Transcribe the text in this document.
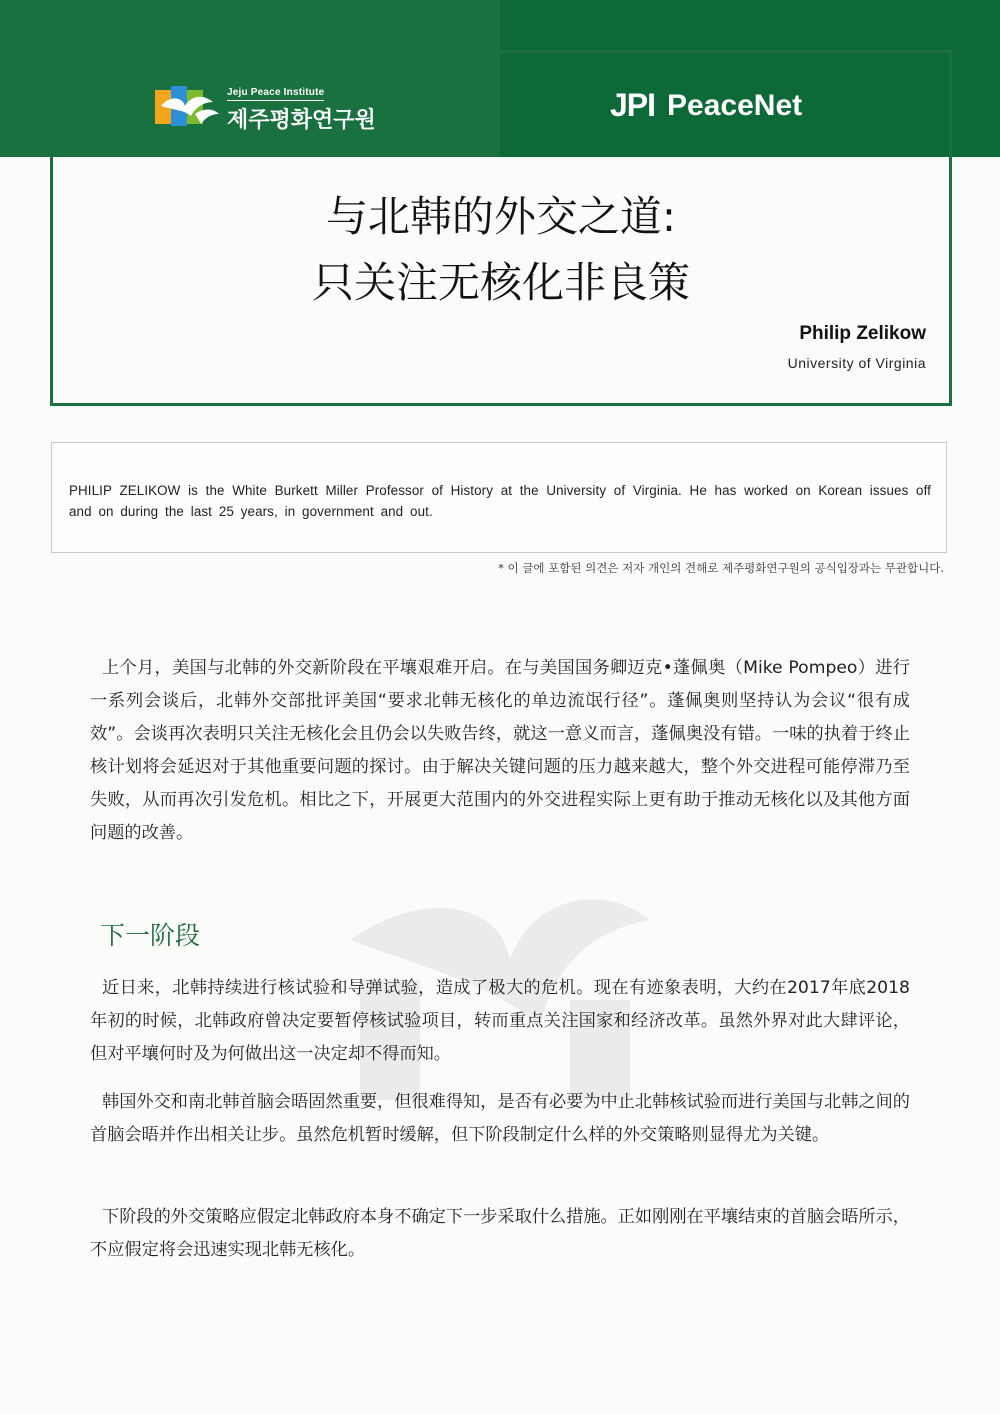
Jeju Peace Institute
제주평화연구원	JPI PeaceNet
与北韩的外交之道:
只关注无核化非良策
Philip Zelikow
University of Virginia
PHILIP ZELIKOW is the White Burkett Miller Professor of History at the University of Virginia. He has worked on Korean issues off and on during the last 25 years, in government and out.
* 이 글에 포함된 의견은 저자 개인의 견해로 제주평화연구원의 공식입장과는 무관합니다.

上个月，美国与北韩的外交新阶段在平壤艰难开启。在与美国国务卿迈克•蓬佩奥（Mike Pompeo）进行一系列会谈后，北韩外交部批评美国“要求北韩无核化的单边流氓行径”。蓬佩奥则坚持认为会议“很有成效”。会谈再次表明只关注无核化会且仍会以失败告终，就这一意义而言，蓬佩奥没有错。一味的执着于终止核计划将会延迟对于其他重要问题的探讨。由于解决关键问题的压力越来越大，整个外交进程可能停滞乃至失败，从而再次引发危机。相比之下，开展更大范围内的外交进程实际上更有助于推动无核化以及其他方面问题的改善。

下一阶段

近日来，北韩持续进行核试验和导弹试验，造成了极大的危机。现在有迹象表明，大约在2017年底2018年初的时候，北韩政府曾决定要暂停核试验项目，转而重点关注国家和经济改革。虽然外界对此大肆评论，但对平壤何时及为何做出这一决定却不得而知。

韩国外交和南北韩首脑会晤固然重要，但很难得知，是否有必要为中止北韩核试验而进行美国与北韩之间的首脑会晤并作出相关让步。虽然危机暂时缓解，但下阶段制定什么样的外交策略则显得尤为关键。

下阶段的外交策略应假定北韩政府本身不确定下一步采取什么措施。正如刚刚在平壤结束的首脑会晤所示，不应假定将会迅速实现北韩无核化。
